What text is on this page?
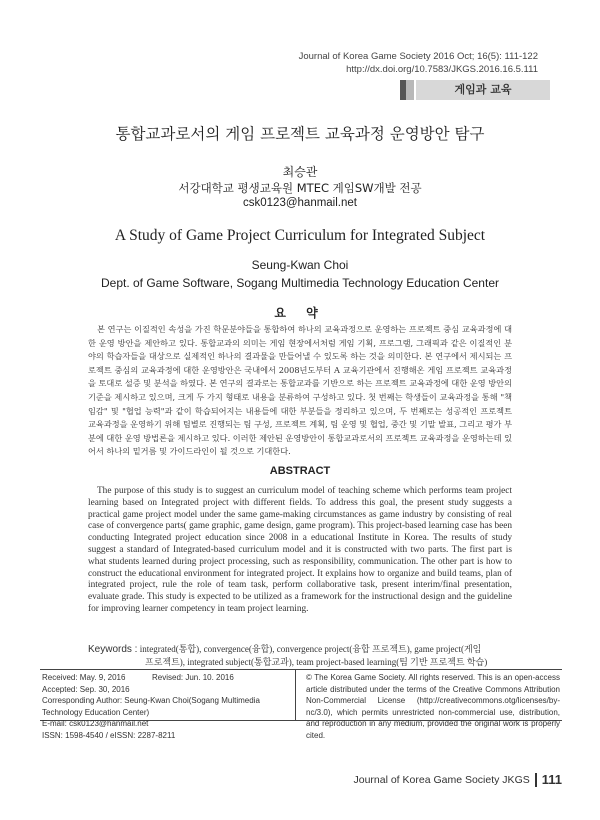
Journal of Korea Game Society 2016 Oct; 16(5): 111-122
http://dx.doi.org/10.7583/JKGS.2016.16.5.111
게임과 교육
통합교과로서의 게임 프로젝트 교육과정 운영방안 탐구
최승관
서강대학교 평생교육원 MTEC 게임SW개발 전공
csk0123@hanmail.net
A Study of Game Project Curriculum for Integrated Subject
Seung-Kwan Choi
Dept. of Game Software, Sogang Multimedia Technology Education Center
요 약
본 연구는 이질적인 속성을 가진 학문분야들을 통합하여 하나의 교육과정으로 운영하는 프로젝트 중심 교육과정에 대한 운영 방안을 제안하고 있다. 통합교과의 의미는 게임 현장에서처럼 게임 기획, 프로그램, 그래픽과 같은 이질적인 분야의 학습자들을 대상으로 실제적인 하나의 결과물을 만들어낼 수 있도록 하는 것을 의미한다. 본 연구에서 제시되는 프로젝트 중심의 교육과정에 대한 운영방안은 국내에서 2008년도부터 A 교육기관에서 진행해온 게임 프로젝트 교육과정을 토대로 설증 및 분석을 하였다. 본 연구의 결과로는 통합교과를 기반으로 하는 프로젝트 교육과정에 대한 운영 방안의 기준을 제시하고 있으며, 크게 두 가지 형태로 내용을 분류하여 구성하고 있다. 첫 번째는 학생들이 교육과정을 통해 "책임감" 및 "협업 능력"과 같이 학습되어지는 내용들에 대한 부분들을 정리하고 있으며, 두 번째로는 성공적인 프로젝트 교육과정을 운영하기 위해 팀별로 진행되는 팀 구성, 프로젝트 계획, 팀 운영 및 협업, 중간 및 기말 발표, 그리고 평가 부분에 대한 운영 방법론을 제시하고 있다. 이러한 제안된 운영방안이 통합교과로서의 프로젝트 교육과정을 운영하는데 있어서 하나의 밑거름 및 가이드라인이 될 것으로 기대한다.
ABSTRACT
The purpose of this study is to suggest an curriculum model of teaching scheme which performs team project learning based on Integrated project with different fields. To address this goal, the present study suggests a practical game project model under the same game-making circumstances as game industry by consisting of real case of convergence parts( game graphic, game design, game program). This project-based learning case has been conducting Integrated project education since 2008 in a educational Institute in Korea. The results of study suggest a standard of Integrated-based curriculum model and it is constructed with two parts. The first part is what students learned during project processing, such as responsibility, communication. The other part is how to construct the educational environment for integrated project. It explains how to organize and build teams, plan of integrated project, rule the role of team task, perform collaborative task, present interim/final presentation, evaluate grade. This study is expected to be utilized as a framework for the instructional design and the guideline for improving learner competency in team project learning.
Keywords : integrated(통합), convergence(융합), convergence project(융합 프로젝트), game project(게임
프로젝트), integrated subject(통합교과), team project-based learning(팀 기반 프로젝트 학습)
Received: May. 9, 2016	Revised: Jun. 10. 2016
Accepted: Sep. 30, 2016
Corresponding Author: Seung-Kwan Choi(Sogang Multimedia Technology Education Center)
E-mail: csk0123@hanmail.net
ISSN: 1598-4540 / eISSN: 2287-8211
© The Korea Game Society. All rights reserved. This is an open-access article distributed under the terms of the Creative Commons Attribution Non-Commercial License (http://creativecommons.otg/licenses/by-nc/3.0), which permits unrestricted non-commercial use, distribution, and reproduction in any medium, provided the original work is properly cited.
Journal of Korea Game Society JKGS 111
